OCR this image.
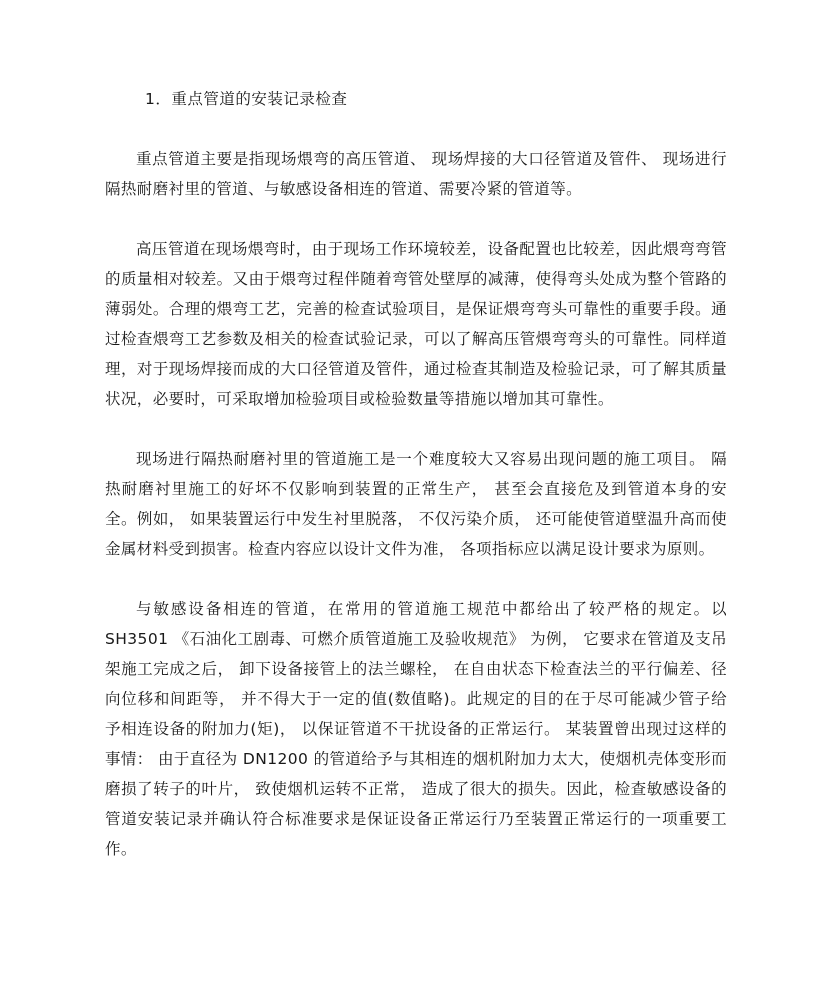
1．重点管道的安装记录检查

重点管道主要是指现场煨弯的高压管道、 现场焊接的大口径管道及管件、 现场进行隔热耐磨衬里的管道、与敏感设备相连的管道、需要冷紧的管道等。

高压管道在现场煨弯时，由于现场工作环境较差，设备配置也比较差，因此煨弯弯管的质量相对较差。又由于煨弯过程伴随着弯管处壁厚的减薄，使得弯头处成为整个管路的薄弱处。合理的煨弯工艺，完善的检查试验项目，是保证煨弯弯头可靠性的重要手段。通过检查煨弯工艺参数及相关的检查试验记录，可以了解高压管煨弯弯头的可靠性。同样道理，对于现场焊接而成的大口径管道及管件，通过检查其制造及检验记录，可了解其质量状况，必要时，可采取增加检验项目或检验数量等措施以增加其可靠性。

现场进行隔热耐磨衬里的管道施工是一个难度较大又容易出现问题的施工项目。 隔热耐磨衬里施工的好坏不仅影响到装置的正常生产， 甚至会直接危及到管道本身的安全。例如， 如果装置运行中发生衬里脱落， 不仅污染介质， 还可能使管道壁温升高而使金属材料受到损害。检查内容应以设计文件为准， 各项指标应以满足设计要求为原则。

与敏感设备相连的管道，在常用的管道施工规范中都给出了较严格的规定。以SH3501 《石油化工剧毒、可燃介质管道施工及验收规范》 为例， 它要求在管道及支吊架施工完成之后， 卸下设备接管上的法兰螺栓， 在自由状态下检查法兰的平行偏差、径向位移和间距等， 并不得大于一定的值(数值略)。此规定的目的在于尽可能减少管子给予相连设备的附加力(矩)， 以保证管道不干扰设备的正常运行。 某装置曾出现过这样的事情： 由于直径为 DN1200 的管道给予与其相连的烟机附加力太大，使烟机壳体变形而磨损了转子的叶片， 致使烟机运转不正常， 造成了很大的损失。因此，检查敏感设备的管道安装记录并确认符合标准要求是保证设备正常运行乃至装置正常运行的一项重要工作。
